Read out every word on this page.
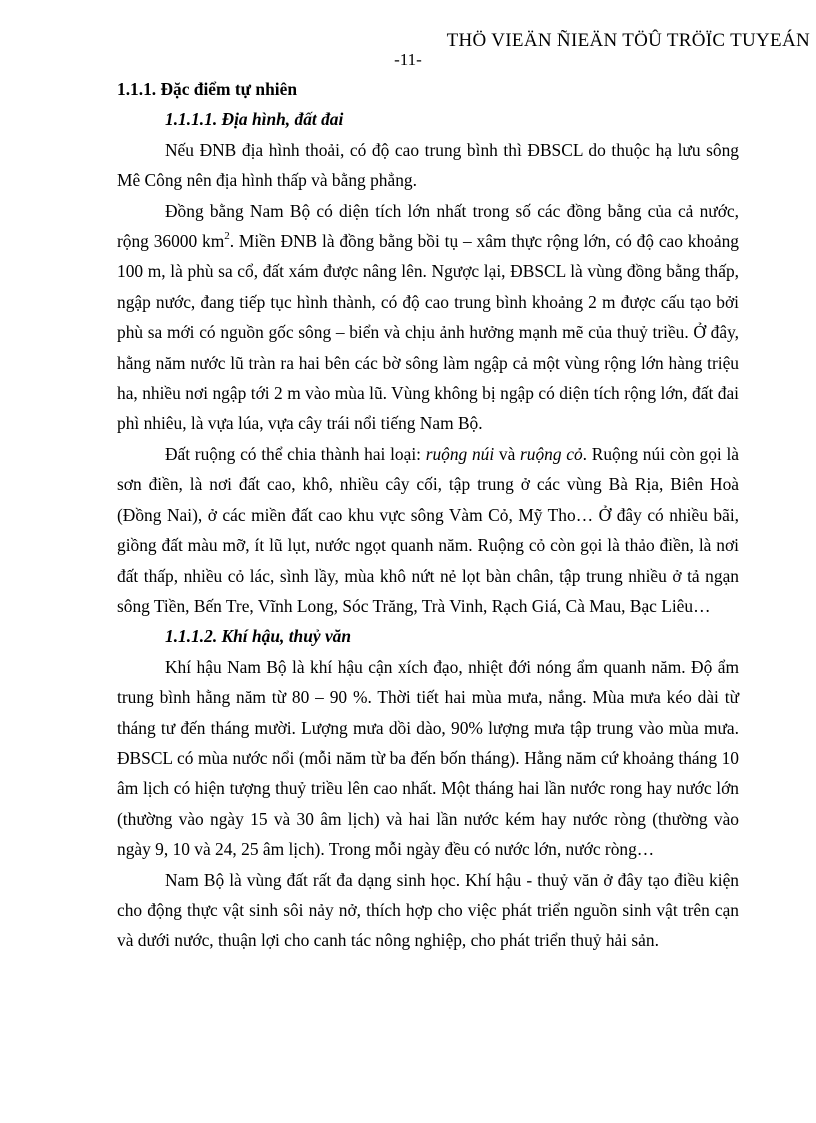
THÖ VIEÄN ÑIEÄN TÖÛ TRÖÏC TUYEÁN
-11-

1.1.1. Đặc điểm tự nhiên

1.1.1.1. Địa hình, đất đai

Nếu ĐNB địa hình thoải, có độ cao trung bình thì ĐBSCL do thuộc hạ lưu sông Mê Công nên địa hình thấp và bằng phẳng.

Đồng bằng Nam Bộ có diện tích lớn nhất trong số các đồng bằng của cả nước, rộng 36000 $km^2$. Miền ĐNB là đồng bằng bồi tụ – xâm thực rộng lớn, có độ cao khoảng 100 m, là phù sa cổ, đất xám được nâng lên. Ngược lại, ĐBSCL là vùng đồng bằng thấp, ngập nước, đang tiếp tục hình thành, có độ cao trung bình khoảng 2 m được cấu tạo bởi phù sa mới có nguồn gốc sông – biển và chịu ảnh hưởng mạnh mẽ của thuỷ triều. Ở đây, hằng năm nước lũ tràn ra hai bên các bờ sông làm ngập cả một vùng rộng lớn hàng triệu ha, nhiều nơi ngập tới 2 m vào mùa lũ. Vùng không bị ngập có diện tích rộng lớn, đất đai phì nhiêu, là vựa lúa, vựa cây trái nổi tiếng Nam Bộ.

Đất ruộng có thể chia thành hai loại: ruộng núi và ruộng cỏ. Ruộng núi còn gọi là sơn điền, là nơi đất cao, khô, nhiều cây cối, tập trung ở các vùng Bà Rịa, Biên Hoà (Đồng Nai), ở các miền đất cao khu vực sông Vàm Cỏ, Mỹ Tho… Ở đây có nhiều bãi, giồng đất màu mỡ, ít lũ lụt, nước ngọt quanh năm. Ruộng cỏ còn gọi là thảo điền, là nơi đất thấp, nhiều cỏ lác, sình lầy, mùa khô nứt nẻ lọt bàn chân, tập trung nhiều ở tả ngạn sông Tiền, Bến Tre, Vĩnh Long, Sóc Trăng, Trà Vinh, Rạch Giá, Cà Mau, Bạc Liêu…

1.1.1.2. Khí hậu, thuỷ văn

Khí hậu Nam Bộ là khí hậu cận xích đạo, nhiệt đới nóng ẩm quanh năm. Độ ẩm trung bình hằng năm từ 80 – 90 %. Thời tiết hai mùa mưa, nắng. Mùa mưa kéo dài từ tháng tư đến tháng mười. Lượng mưa dồi dào, 90% lượng mưa tập trung vào mùa mưa. ĐBSCL có mùa nước nổi (mỗi năm từ ba đến bốn tháng). Hằng năm cứ khoảng tháng 10 âm lịch có hiện tượng thuỷ triều lên cao nhất. Một tháng hai lần nước rong hay nước lớn (thường vào ngày 15 và 30 âm lịch) và hai lần nước kém hay nước ròng (thường vào ngày 9, 10 và 24, 25 âm lịch). Trong mỗi ngày đều có nước lớn, nước ròng…

Nam Bộ là vùng đất rất đa dạng sinh học. Khí hậu - thuỷ văn ở đây tạo điều kiện cho động thực vật sinh sôi nảy nở, thích hợp cho việc phát triển nguồn sinh vật trên cạn và dưới nước, thuận lợi cho canh tác nông nghiệp, cho phát triển thuỷ hải sản.
